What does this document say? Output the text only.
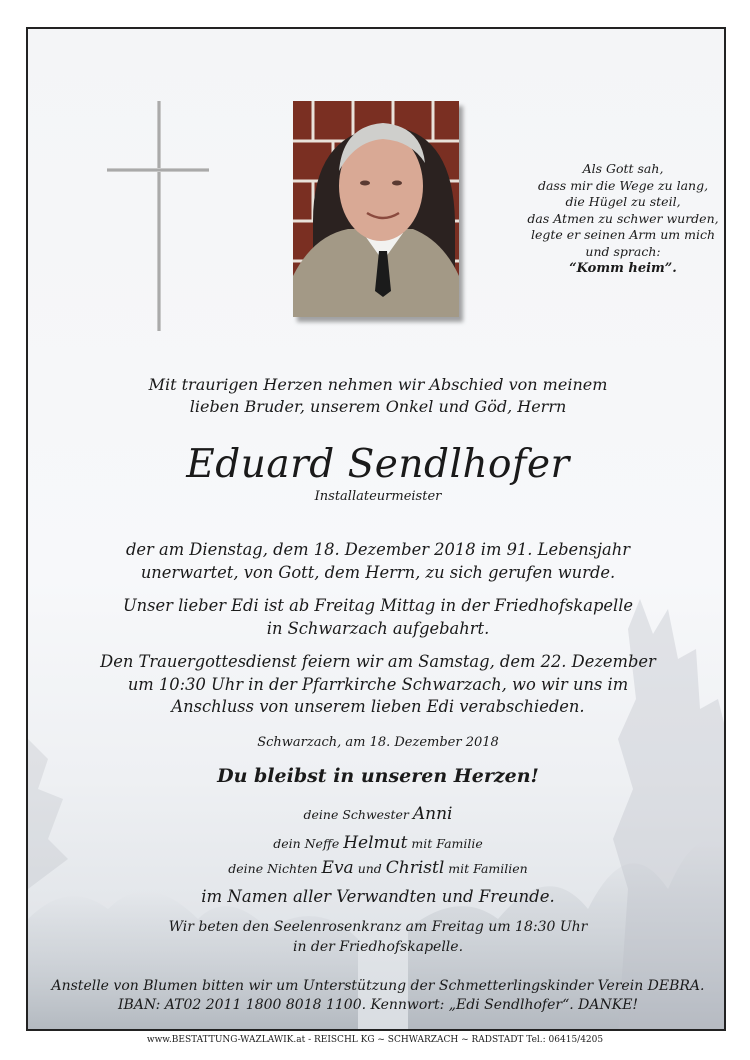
Als Gott sah,
dass mir die Wege zu lang,
die Hügel zu steil,
das Atmen zu schwer wurden,
legte er seinen Arm um mich
und sprach:
“Komm heim”.
Mit traurigen Herzen nehmen wir Abschied von meinem
lieben Bruder, unserem Onkel und Göd, Herrn
Eduard Sendlhofer
Installateurmeister
der am Dienstag, dem 18. Dezember 2018 im 91. Lebensjahr
unerwartet, von Gott, dem Herrn, zu sich gerufen wurde.
Unser lieber Edi ist ab Freitag Mittag in der Friedhofskapelle
in Schwarzach aufgebahrt.
Den Trauergottesdienst feiern wir am Samstag, dem 22. Dezember
um 10:30 Uhr in der Pfarrkirche Schwarzach, wo wir uns im
Anschluss von unserem lieben Edi verabschieden.
Schwarzach, am 18. Dezember 2018
Du bleibst in unseren Herzen!
deine Schwester Anni
dein Neffe Helmut mit Familie
deine Nichten Eva und Christl mit Familien
im Namen aller Verwandten und Freunde.
Wir beten den Seelenrosenkranz am Freitag um 18:30 Uhr
in der Friedhofskapelle.
Anstelle von Blumen bitten wir um Unterstützung der Schmetterlingskinder Verein DEBRA.
IBAN: AT02 2011 1800 8018 1100. Kennwort: „Edi Sendlhofer“. DANKE!
www.BESTATTUNG-WAZLAWIK.at - REISCHL KG ~ SCHWARZACH ~ RADSTADT Tel.: 06415/4205
